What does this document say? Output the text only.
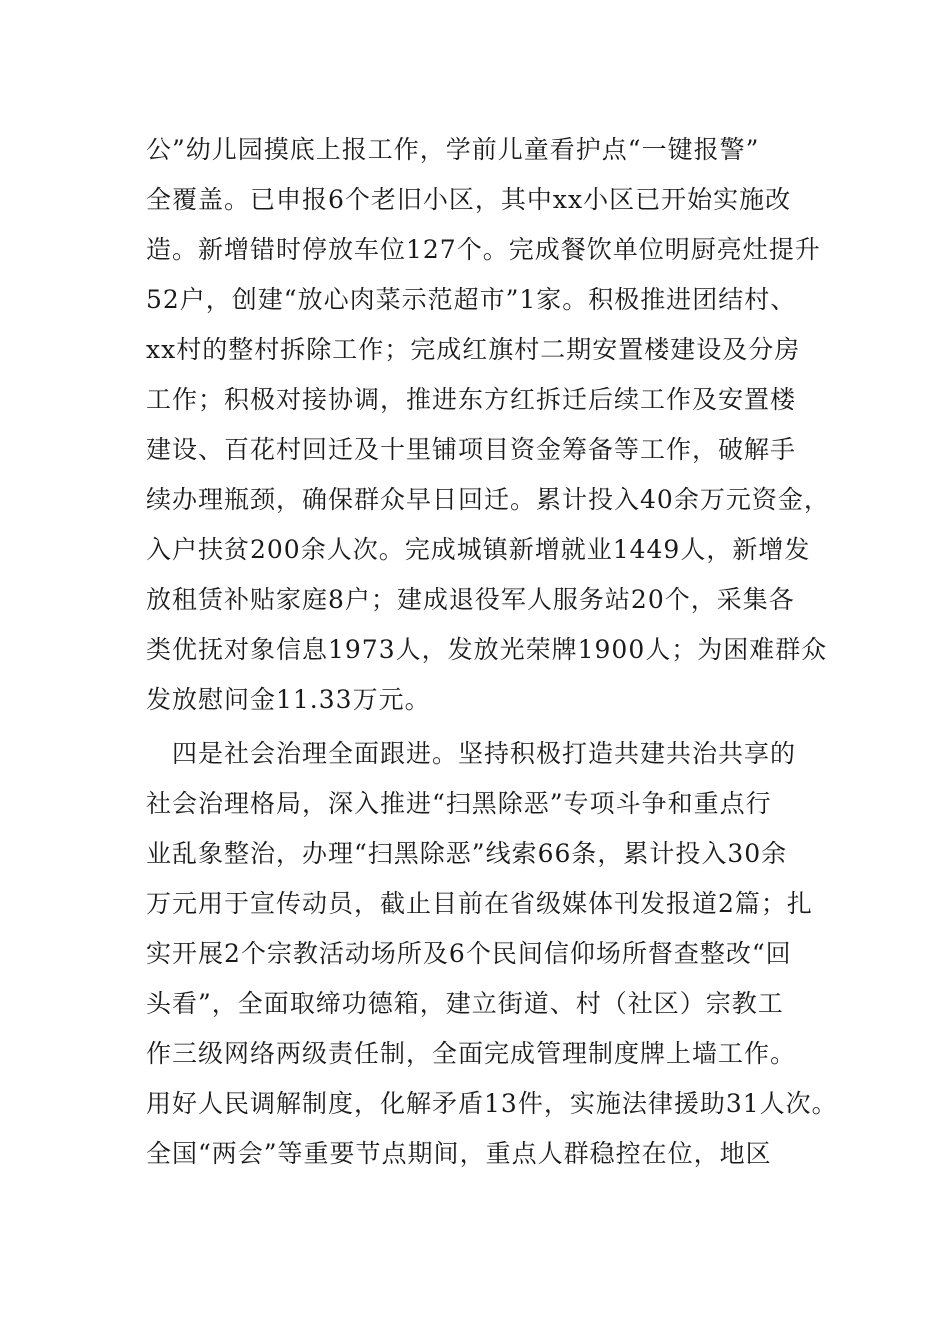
公”幼儿园摸底上报工作，学前儿童看护点“一键报警”
全覆盖。已申报6个老旧小区，其中xx小区已开始实施改
造。新增错时停放车位127个。完成餐饮单位明厨亮灶提升
52户，创建“放心肉菜示范超市”1家。积极推进团结村、
xx村的整村拆除工作；完成红旗村二期安置楼建设及分房
工作；积极对接协调，推进东方红拆迁后续工作及安置楼
建设、百花村回迁及十里铺项目资金筹备等工作，破解手
续办理瓶颈，确保群众早日回迁。累计投入40余万元资金，
入户扶贫200余人次。完成城镇新增就业1449人，新增发
放租赁补贴家庭8户；建成退役军人服务站20个，采集各
类优抚对象信息1973人，发放光荣牌1900人；为困难群众
发放慰问金11.33万元。
　四是社会治理全面跟进。坚持积极打造共建共治共享的
社会治理格局，深入推进“扫黑除恶”专项斗争和重点行
业乱象整治，办理“扫黑除恶”线索66条，累计投入30余
万元用于宣传动员，截止目前在省级媒体刊发报道2篇；扎
实开展2个宗教活动场所及6个民间信仰场所督查整改“回
头看”，全面取缔功德箱，建立街道、村（社区）宗教工
作三级网络两级责任制，全面完成管理制度牌上墙工作。
用好人民调解制度，化解矛盾13件，实施法律援助31人次。
全国“两会”等重要节点期间，重点人群稳控在位，地区
